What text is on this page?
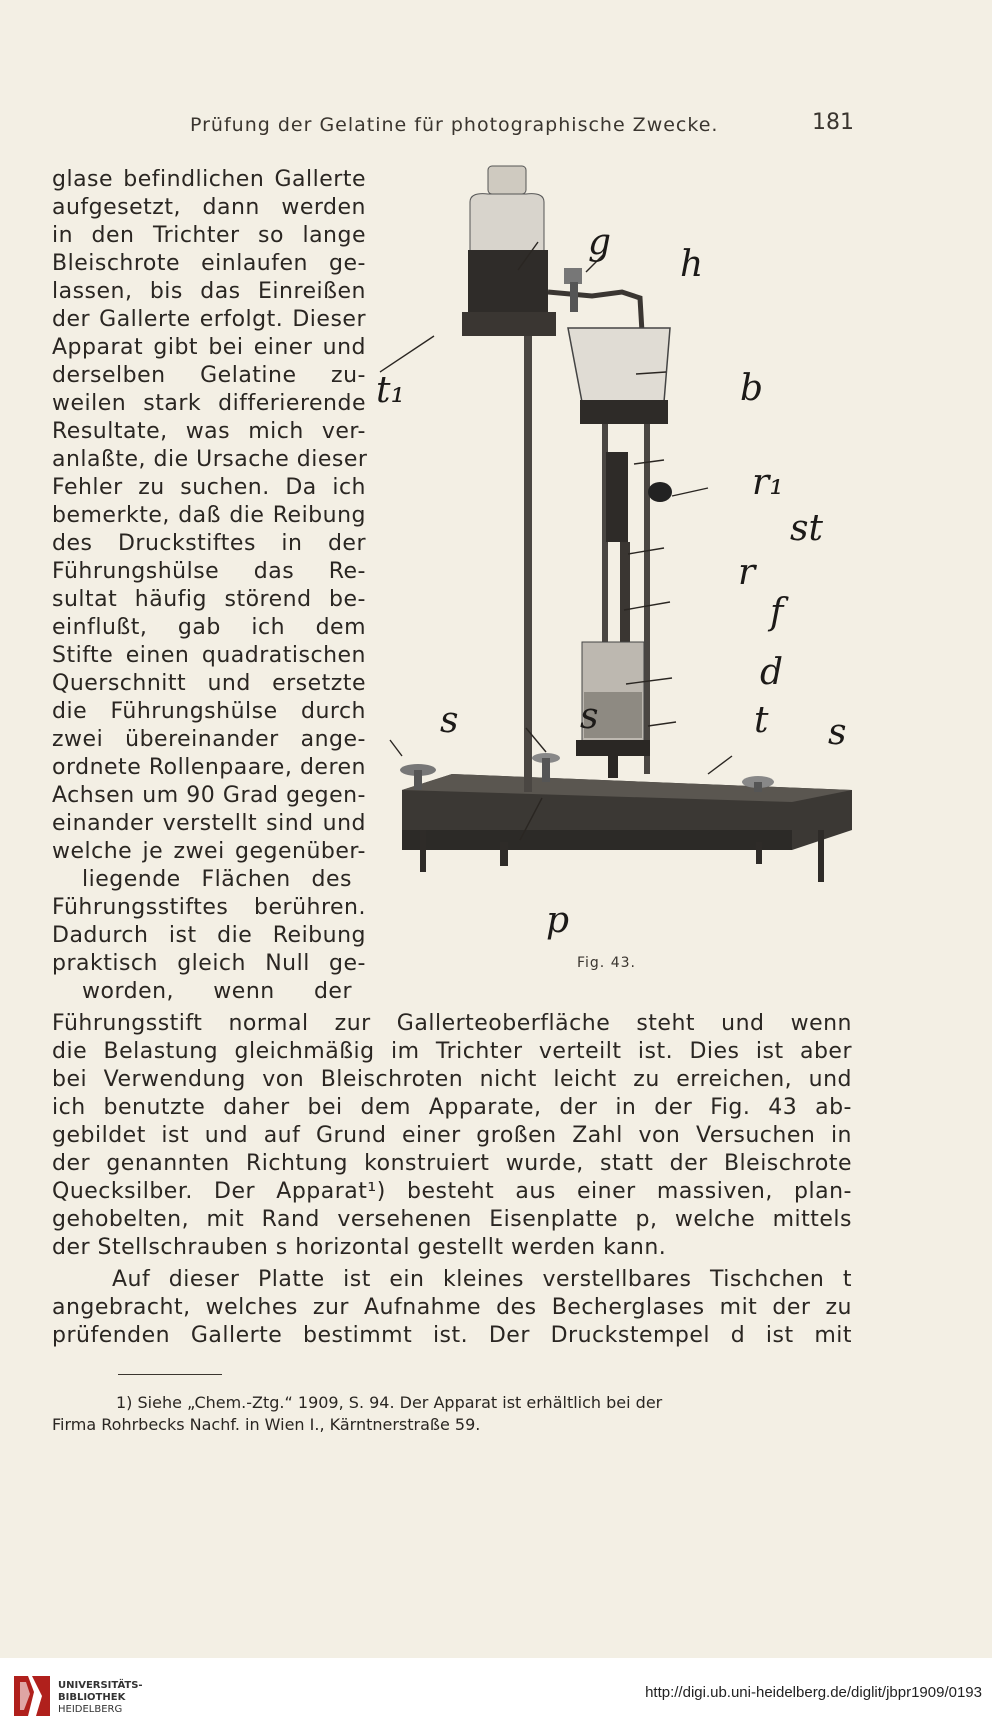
Prüfung der Gelatine für photographische Zwecke.	181
glase befindlichen Gallerte
aufgesetzt, dann werden
in den Trichter so lange
Bleischrote einlaufen ge-
lassen, bis das Einreißen
der Gallerte erfolgt. Dieser
Apparat gibt bei einer und
derselben Gelatine zu-
weilen stark differierende
Resultate, was mich ver-
anlaßte, die Ursache dieser
Fehler zu suchen. Da ich
bemerkte, daß die Reibung
des Druckstiftes in der
Führungshülse das Re-
sultat häufig störend be-
einflußt, gab ich dem
Stifte einen quadratischen
Querschnitt und ersetzte
die Führungshülse durch
zwei übereinander ange-
ordnete Rollenpaare, deren
Achsen um 90 Grad gegen-
einander verstellt sind und
welche je zwei gegenüber-
liegende Flächen des
Führungsstiftes berühren.
Dadurch ist die Reibung
praktisch gleich Null ge-
worden, wenn der
Führungsstift normal zur Gallerteoberfläche steht und wenn
die Belastung gleichmäßig im Trichter verteilt ist. Dies ist aber
bei Verwendung von Bleischroten nicht leicht zu erreichen, und
ich benutzte daher bei dem Apparate, der in der Fig. 43 ab-
gebildet ist und auf Grund einer großen Zahl von Versuchen in
der genannten Richtung konstruiert wurde, statt der Bleischrote
Quecksilber. Der Apparat¹) besteht aus einer massiven, plan-
gehobelten, mit Rand versehenen Eisenplatte p, welche mittels
der Stellschrauben s horizontal gestellt werden kann.
Auf dieser Platte ist ein kleines verstellbares Tischchen t
angebracht, welches zur Aufnahme des Becherglases mit der zu
prüfenden Gallerte bestimmt ist. Der Druckstempel d ist mit
g
h
t₁	b
r₁
st
r
f
d
t
s	s	s
p
Fig. 43.
1) Siehe „Chem.-Ztg.“ 1909, S. 94. Der Apparat ist erhältlich bei der
Firma Rohrbecks Nachf. in Wien I., Kärntnerstraße 59.
UNIVERSITÄTS-
BIBLIOTHEK
HEIDELBERG
http://digi.ub.uni-heidelberg.de/diglit/jbpr1909/0193
